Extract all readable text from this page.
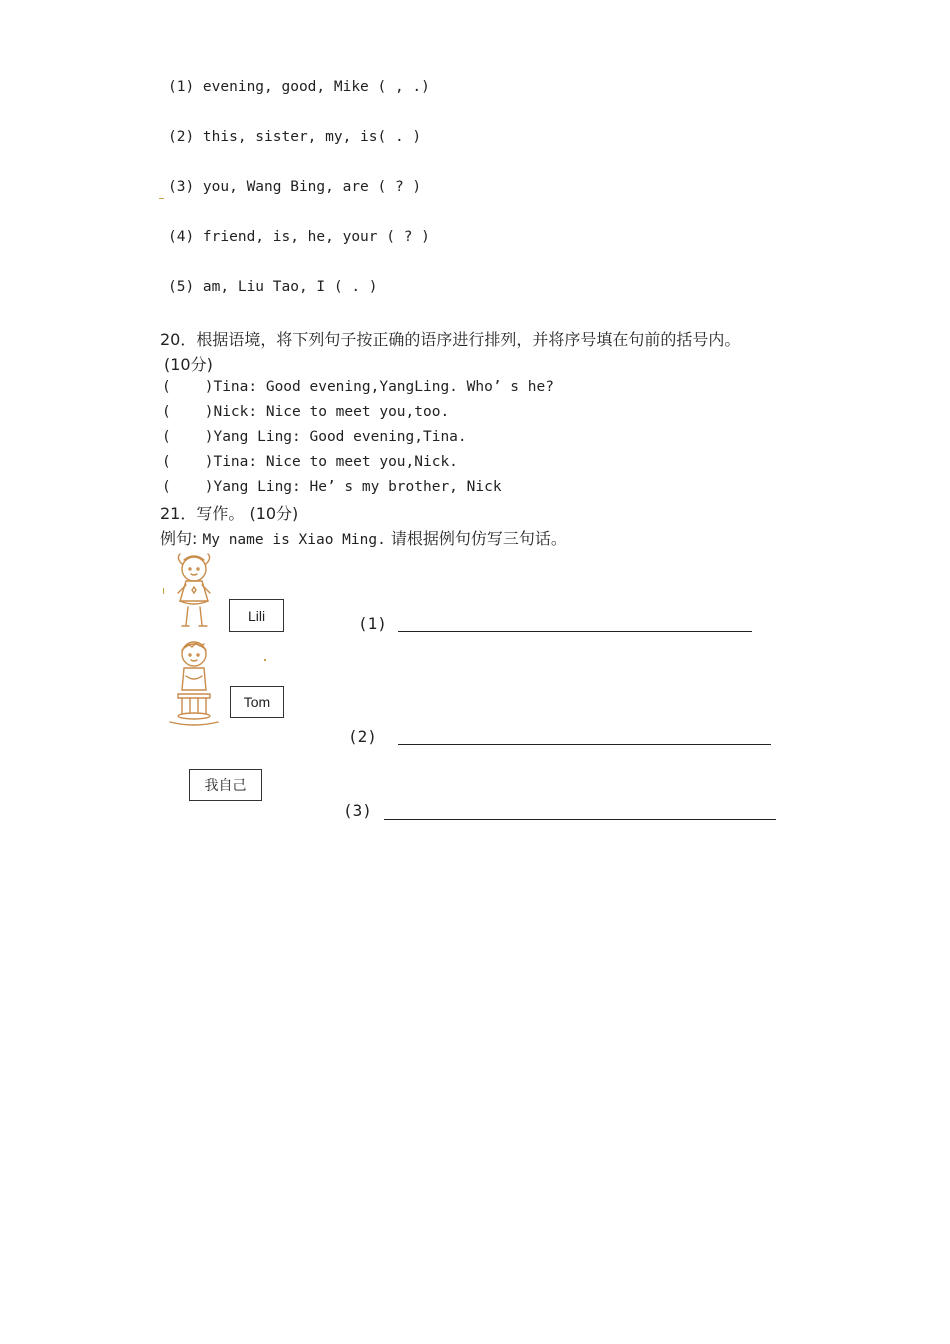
(1) evening, good, Mike ( , .)
(2) this, sister, my, is( . )
(3) you, Wang Bing, are ( ? )
(4) friend, is, he, your ( ? )
(5) am, Liu Tao, I ( . )
20．根据语境，将下列句子按正确的语序进行排列，并将序号填在句前的括号内。
(10分)
( )Tina: Good evening,YangLing. Who’ s he?
( )Nick: Nice to meet you,too.
( )Yang Ling: Good evening,Tina.
( )Tina: Nice to meet you,Nick.
( )Yang Ling: He’ s my brother, Nick
21．写作。 (10分)
例句: My name is Xiao Ming. 请根据例句仿写三句话。
Lili
Tom
我自己
(1)
(2)
(3)
